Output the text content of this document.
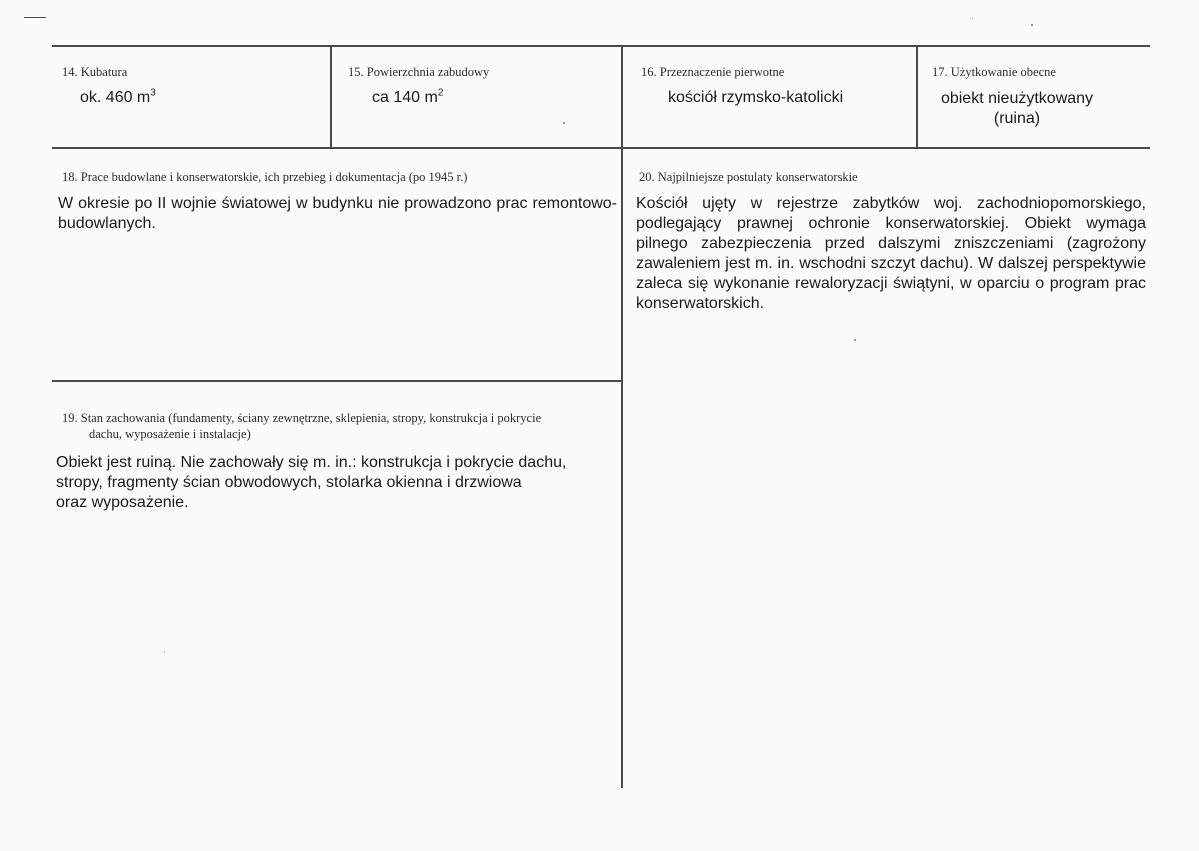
14. Kubatura
ok. 460 $m^3$
15. Powierzchnia zabudowy
ca 140 $m^2$
16. Przeznaczenie pierwotne
kościół rzymsko-katolicki
17. Użytkowanie obecne
obiekt nieużytkowany
(ruina)
18. Prace budowlane i konserwatorskie, ich przebieg i dokumentacja (po 1945 r.)
W okresie po II wojnie światowej w budynku nie prowadzono prac remontowo-budowlanych.
19. Stan zachowania (fundamenty, ściany zewnętrzne, sklepienia, stropy, konstrukcja i pokrycie
dachu, wyposażenie i instalacje)
Obiekt jest ruiną. Nie zachowały się m. in.: konstrukcja i pokrycie dachu,
stropy, fragmenty ścian obwodowych, stolarka okienna i drzwiowa
oraz wyposażenie.
20. Najpilniejsze postulaty konserwatorskie
Kościół ujęty w rejestrze zabytków woj. zachodniopomorskiego, podlegający prawnej ochronie konserwatorskiej. Obiekt wymaga pilnego zabezpieczenia przed dalszymi zniszczeniami (zagrożony zawaleniem jest m. in. wschodni szczyt dachu). W dalszej perspektywie zaleca się wykonanie rewaloryzacji świątyni, w oparciu o program prac konserwatorskich.
